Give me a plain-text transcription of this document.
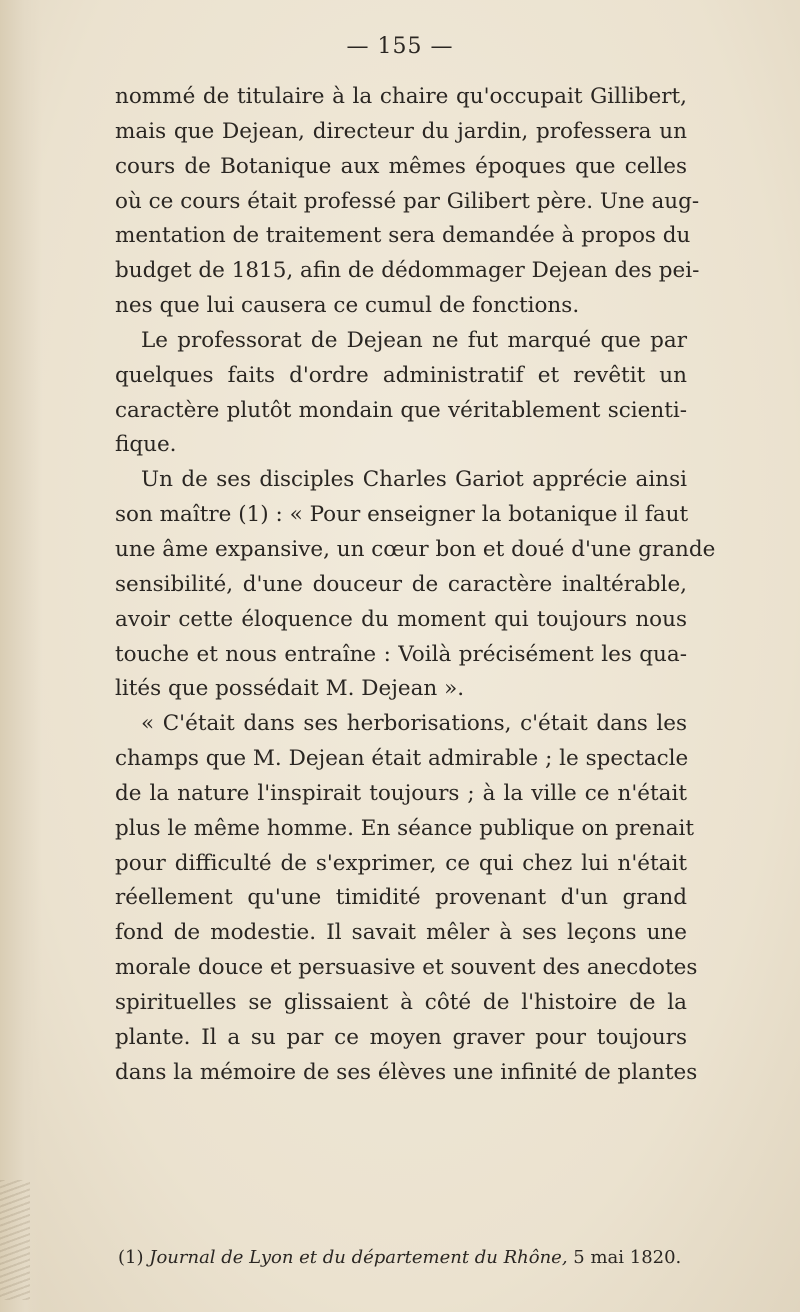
— 155 —

nommé de titulaire à la chaire qu'occupait Gillibert,
mais que Dejean, directeur du jardin, professera un
cours de Botanique aux mêmes époques que celles
où ce cours était professé par Gilibert père. Une aug-
mentation de traitement sera demandée à propos du
budget de 1815, afin de dédommager Dejean des pei-
nes que lui causera ce cumul de fonctions.

Le professorat de Dejean ne fut marqué que par
quelques faits d'ordre administratif et revêtit un
caractère plutôt mondain que véritablement scienti-
fique.

Un de ses disciples Charles Gariot apprécie ainsi
son maître (1) : « Pour enseigner la botanique il faut
une âme expansive, un cœur bon et doué d'une grande
sensibilité, d'une douceur de caractère inaltérable,
avoir cette éloquence du moment qui toujours nous
touche et nous entraîne : Voilà précisément les qua-
lités que possédait M. Dejean ».

« C'était dans ses herborisations, c'était dans les
champs que M. Dejean était admirable ; le spectacle
de la nature l'inspirait toujours ; à la ville ce n'était
plus le même homme. En séance publique on prenait
pour difficulté de s'exprimer, ce qui chez lui n'était
réellement qu'une timidité provenant d'un grand
fond de modestie. Il savait mêler à ses leçons une
morale douce et persuasive et souvent des anecdotes
spirituelles se glissaient à côté de l'histoire de la
plante. Il a su par ce moyen graver pour toujours
dans la mémoire de ses élèves une infinité de plantes

(1) Journal de Lyon et du département du Rhône, 5 mai 1820.
